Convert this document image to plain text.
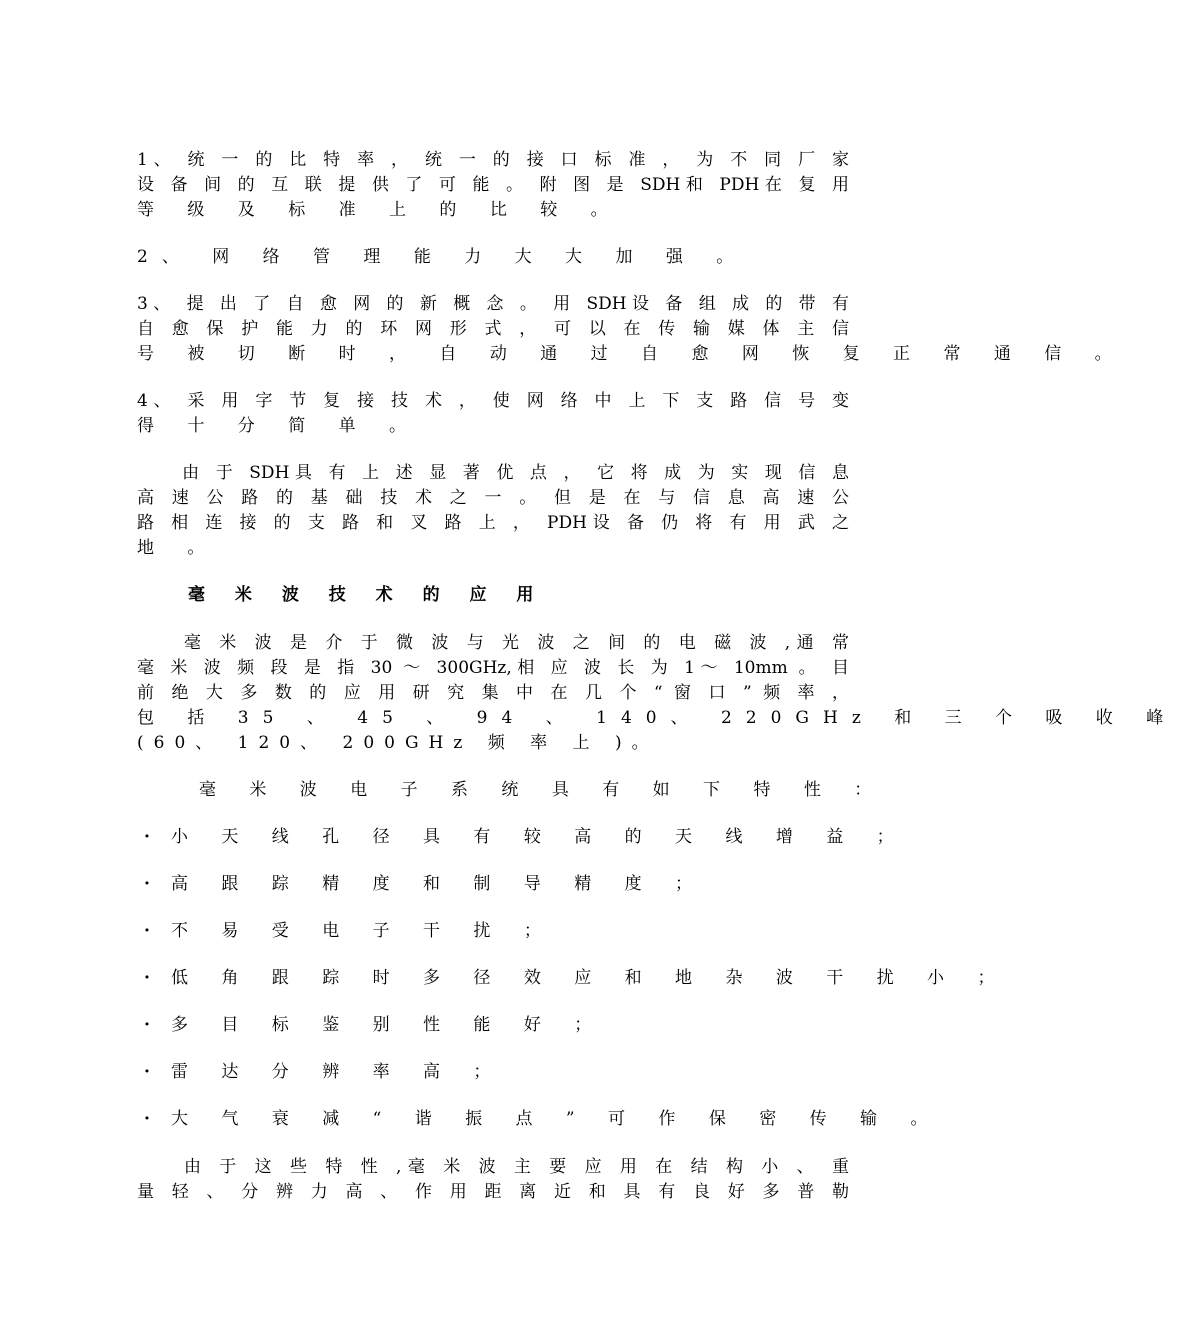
1、 统 一 的 比 特 率 ， 统 一 的 接 口 标 准 ， 为 不 同 厂 家
设 备 间 的 互 联 提 供 了 可 能 。 附 图 是 SDH和 PDH在 复 用
等 级 及 标 准 上 的 比 较 。
2、 网 络 管 理 能 力 大 大 加 强 。
3、 提 出 了 自 愈 网 的 新 概 念 。 用 SDH设 备 组 成 的 带 有
自 愈 保 护 能 力 的 环 网 形 式 ， 可 以 在 传 输 媒 体 主 信
号 被 切 断 时 ， 自 动 通 过 自 愈 网 恢 复 正 常 通 信 。
4、 采 用 字 节 复 接 技 术 ， 使 网 络 中 上 下 支 路 信 号 变
得 十 分 简 单 。
　　由 于 SDH具 有 上 述 显 著 优 点 ， 它 将 成 为 实 现 信 息
高 速 公 路 的 基 础 技 术 之 一 。 但 是 在 与 信 息 高 速 公
路 相 连 接 的 支 路 和 叉 路 上 ， PDH设 备 仍 将 有 用 武 之
地 。
毫 米 波 技 术 的 应 用
　　毫 米 波 是 介 于 微 波 与 光 波 之 间 的 电 磁 波 ,通 常
毫 米 波 频 段 是 指 30 ～ 300GHz,相 应 波 长 为 1～ 10mm 。 目
前 绝 大 多 数 的 应 用 研 究 集 中 在 几 个 “ 窗 口 ” 频 率 ，
包 括 35 、 45 、 94 、 140、 220GHz 和 三 个 吸 收 峰
(60、 120、 200GHz 频 率 上 )。
　　毫 米 波 电 子 系 统 具 有 如 下 特 性 ：
· 小 天 线 孔 径 具 有 较 高 的 天 线 增 益 ；
· 高 跟 踪 精 度 和 制 导 精 度 ；
· 不 易 受 电 子 干 扰 ；
· 低 角 跟 踪 时 多 径 效 应 和 地 杂 波 干 扰 小 ；
· 多 目 标 鉴 别 性 能 好 ；
· 雷 达 分 辨 率 高 ；
· 大 气 衰 减 “ 谐 振 点 ” 可 作 保 密 传 输 。
　　由 于 这 些 特 性 ,毫 米 波 主 要 应 用 在 结 构 小 、 重
量 轻 、 分 辨 力 高 、 作 用 距 离 近 和 具 有 良 好 多 普 勒
